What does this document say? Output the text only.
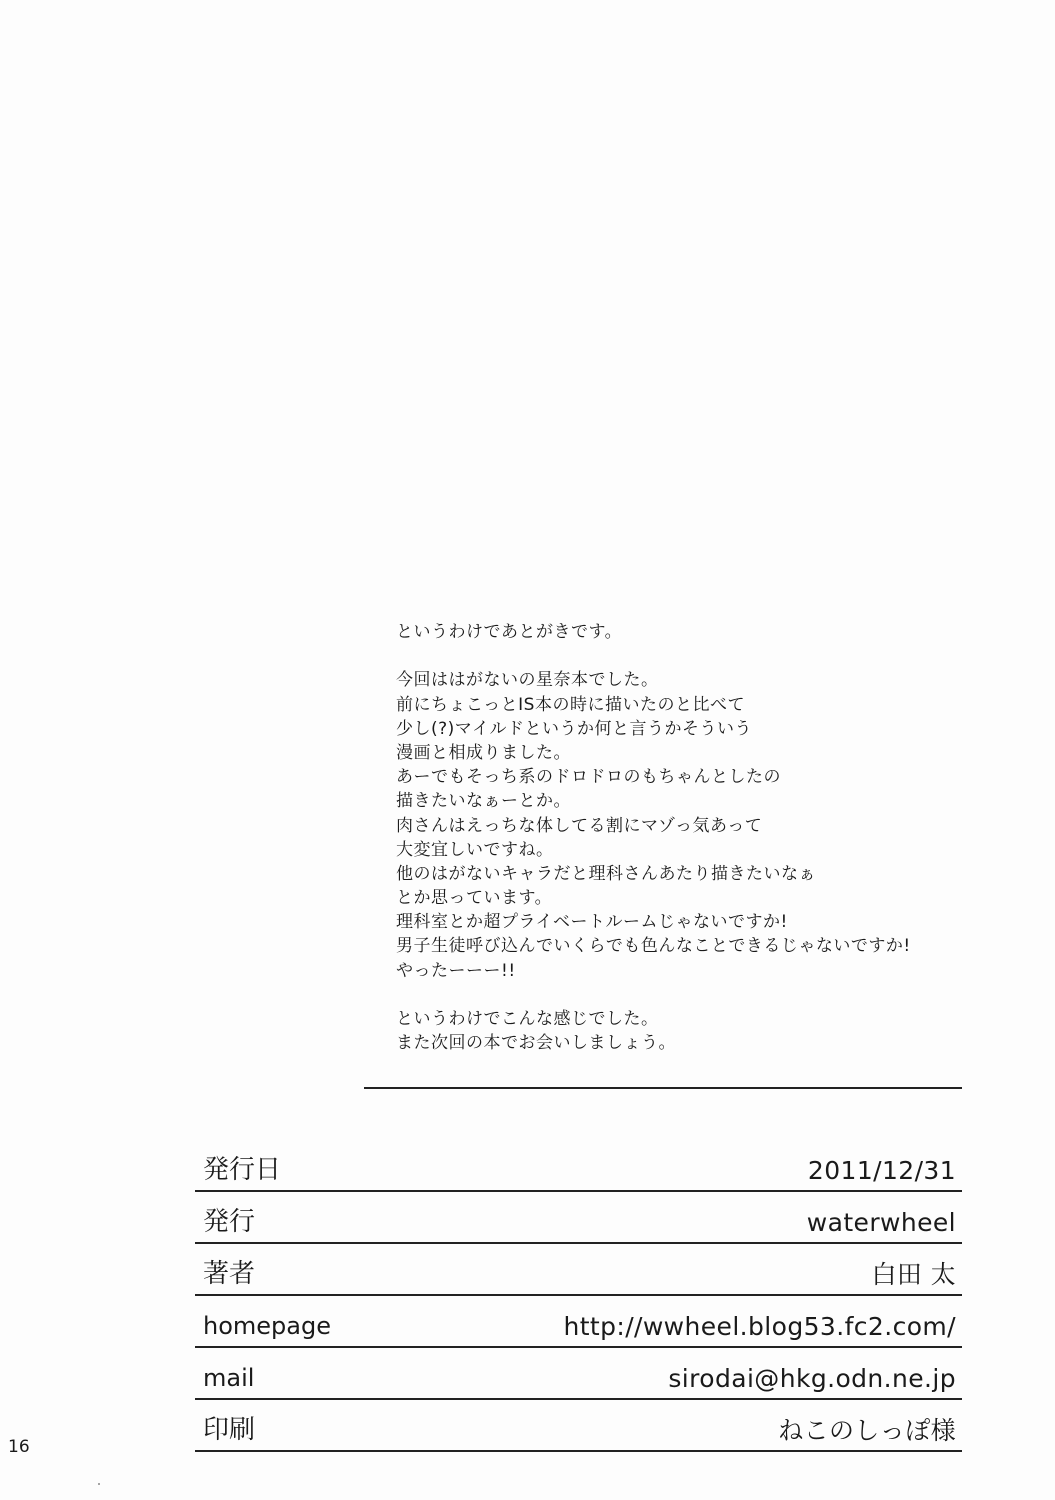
というわけであとがきです。
今回ははがないの星奈本でした。
前にちょこっとIS本の時に描いたのと比べて
少し(?)マイルドというか何と言うかそういう
漫画と相成りました。
あーでもそっち系のドロドロのもちゃんとしたの
描きたいなぁーとか。
肉さんはえっちな体してる割にマゾっ気あって
大変宜しいですね。
他のはがないキャラだと理科さんあたり描きたいなぁ
とか思っています。
理科室とか超プライベートルームじゃないですか!
男子生徒呼び込んでいくらでも色んなことできるじゃないですか!
やったーーー!!
というわけでこんな感じでした。
また次回の本でお会いしましょう。
発行日	2011/12/31
発行	waterwheel
著者	白田 太
homepage	http://wwheel.blog53.fc2.com/
mail	sirodai@hkg.odn.ne.jp
印刷	ねこのしっぽ様
16
